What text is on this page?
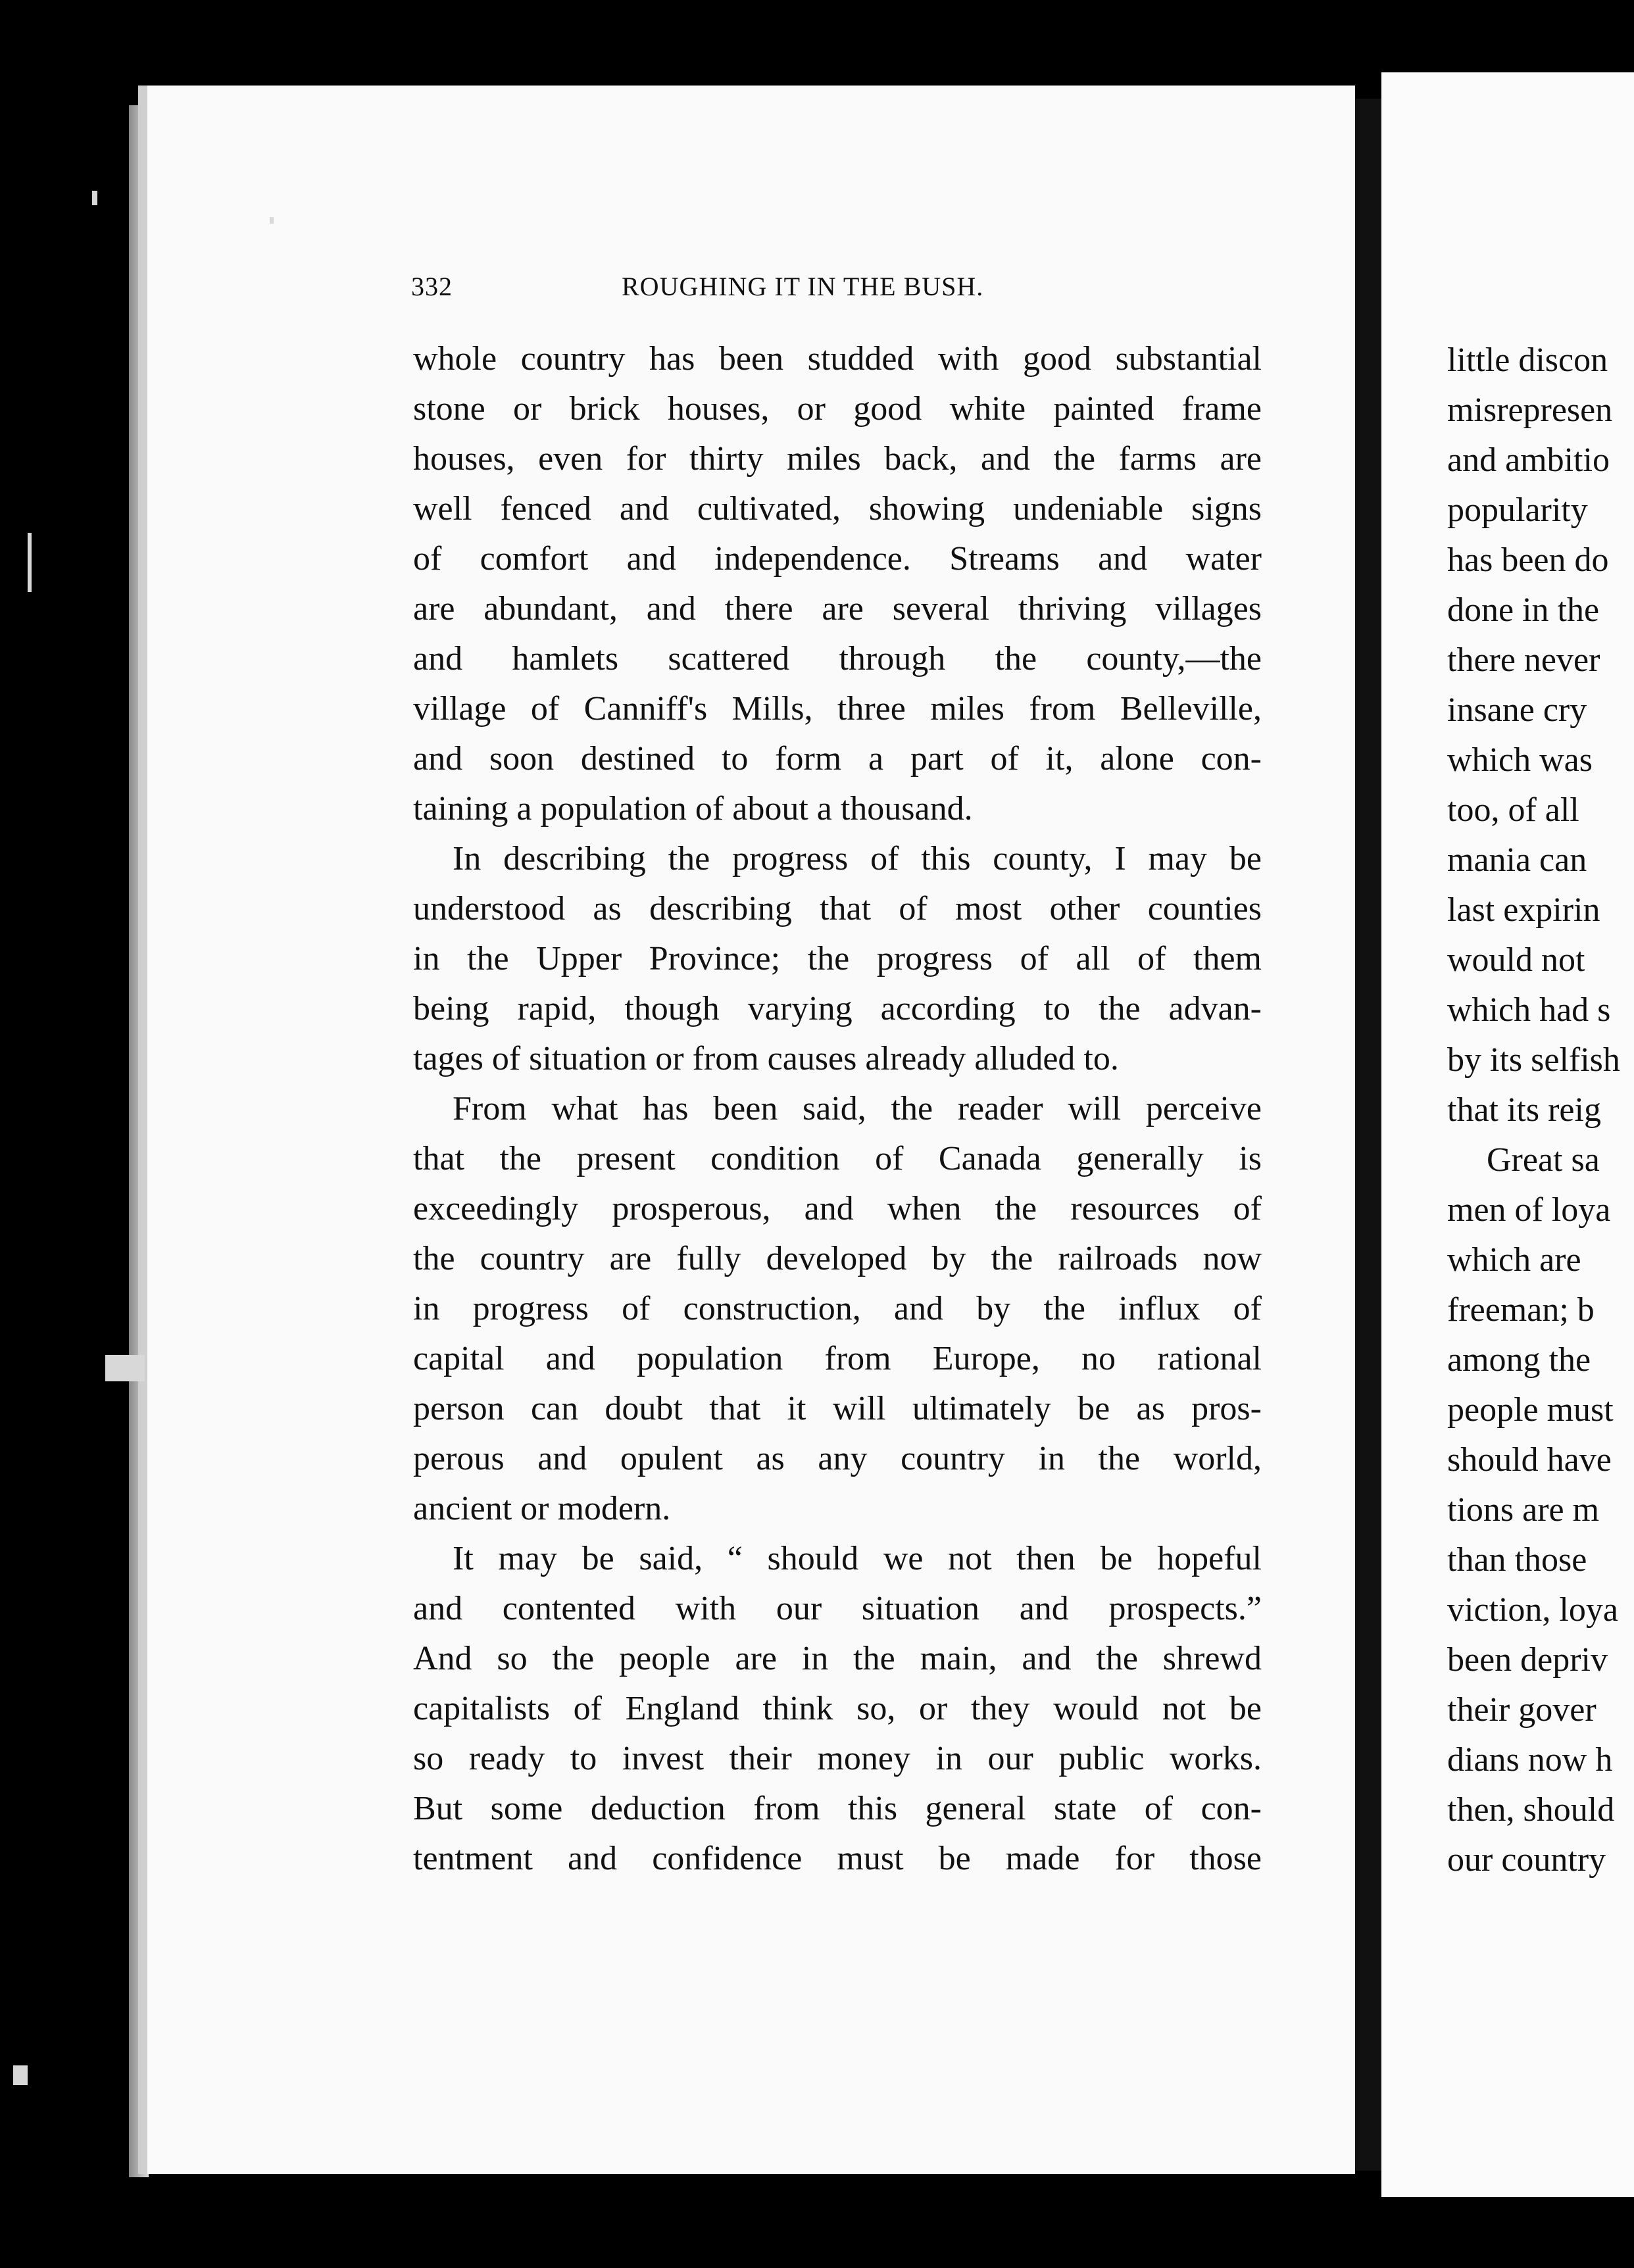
little discon
misrepresen
and ambitio
popularity
has been do
done in the
there never
insane cry
which was
too, of all
mania can
last expirin
would not
which had s
by its selfish
that its reig
Great sa
men of loya
which are
freeman; b
among the
people must
should have
tions are m
than those
viction, loya
been depriv
their gover
dians now h
then, should
our country
332	ROUGHING IT IN THE BUSH.
whole country has been studded with good substantial
stone or brick houses, or good white painted frame
houses, even for thirty miles back, and the farms are
well fenced and cultivated, showing undeniable signs
of comfort and independence. Streams and water
are abundant, and there are several thriving villages
and hamlets scattered through the county,—the
village of Canniff's Mills, three miles from Belleville,
and soon destined to form a part of it, alone con-
taining a population of about a thousand.
In describing the progress of this county, I may be
understood as describing that of most other counties
in the Upper Province; the progress of all of them
being rapid, though varying according to the advan-
tages of situation or from causes already alluded to.
From what has been said, the reader will perceive
that the present condition of Canada generally is
exceedingly prosperous, and when the resources of
the country are fully developed by the railroads now
in progress of construction, and by the influx of
capital and population from Europe, no rational
person can doubt that it will ultimately be as pros-
perous and opulent as any country in the world,
ancient or modern.
It may be said, “ should we not then be hopeful
and contented with our situation and prospects.”
And so the people are in the main, and the shrewd
capitalists of England think so, or they would not be
so ready to invest their money in our public works.
But some deduction from this general state of con-
tentment and confidence must be made for those
